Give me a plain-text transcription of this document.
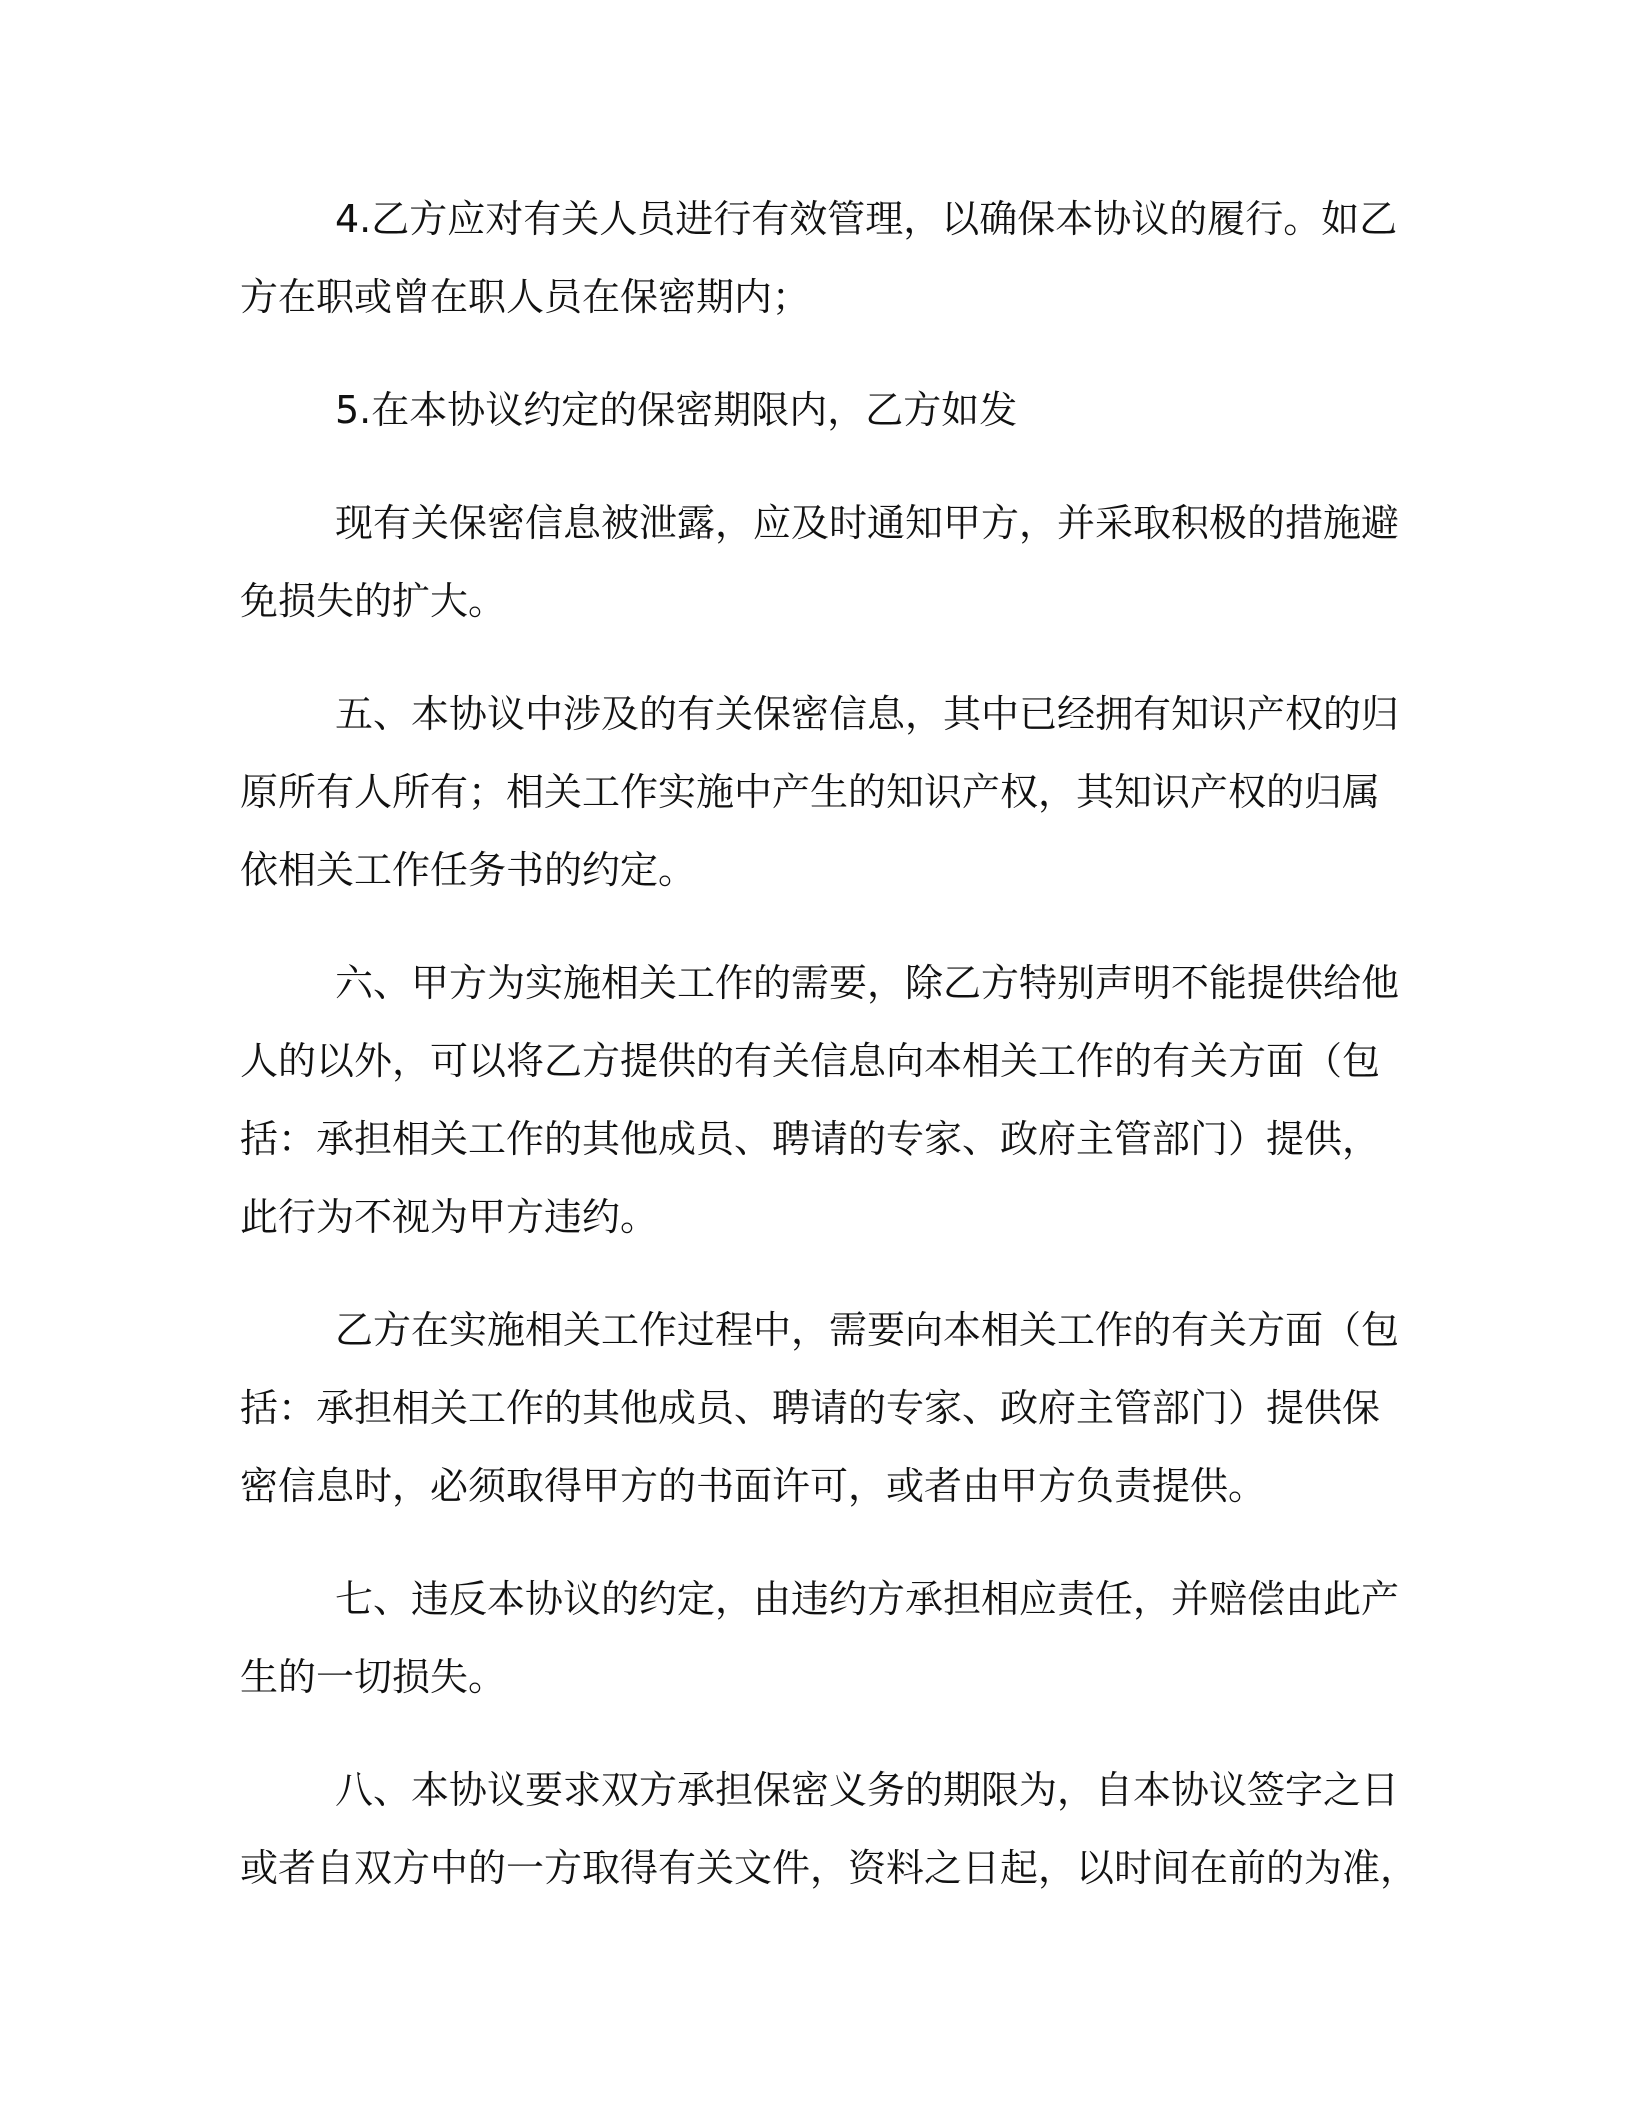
4.乙方应对有关人员进行有效管理，以确保本协议的履行。如乙
方在职或曾在职人员在保密期内；

5.在本协议约定的保密期限内，乙方如发

现有关保密信息被泄露，应及时通知甲方，并采取积极的措施避
免损失的扩大。

五、本协议中涉及的有关保密信息，其中已经拥有知识产权的归
原所有人所有；相关工作实施中产生的知识产权，其知识产权的归属
依相关工作任务书的约定。

六、甲方为实施相关工作的需要，除乙方特别声明不能提供给他
人的以外，可以将乙方提供的有关信息向本相关工作的有关方面（包
括：承担相关工作的其他成员、聘请的专家、政府主管部门）提供，
此行为不视为甲方违约。

乙方在实施相关工作过程中，需要向本相关工作的有关方面（包
括：承担相关工作的其他成员、聘请的专家、政府主管部门）提供保
密信息时，必须取得甲方的书面许可，或者由甲方负责提供。

七、违反本协议的约定，由违约方承担相应责任，并赔偿由此产
生的一切损失。

八、本协议要求双方承担保密义务的期限为，自本协议签字之日
或者自双方中的一方取得有关文件，资料之日起，以时间在前的为准，
